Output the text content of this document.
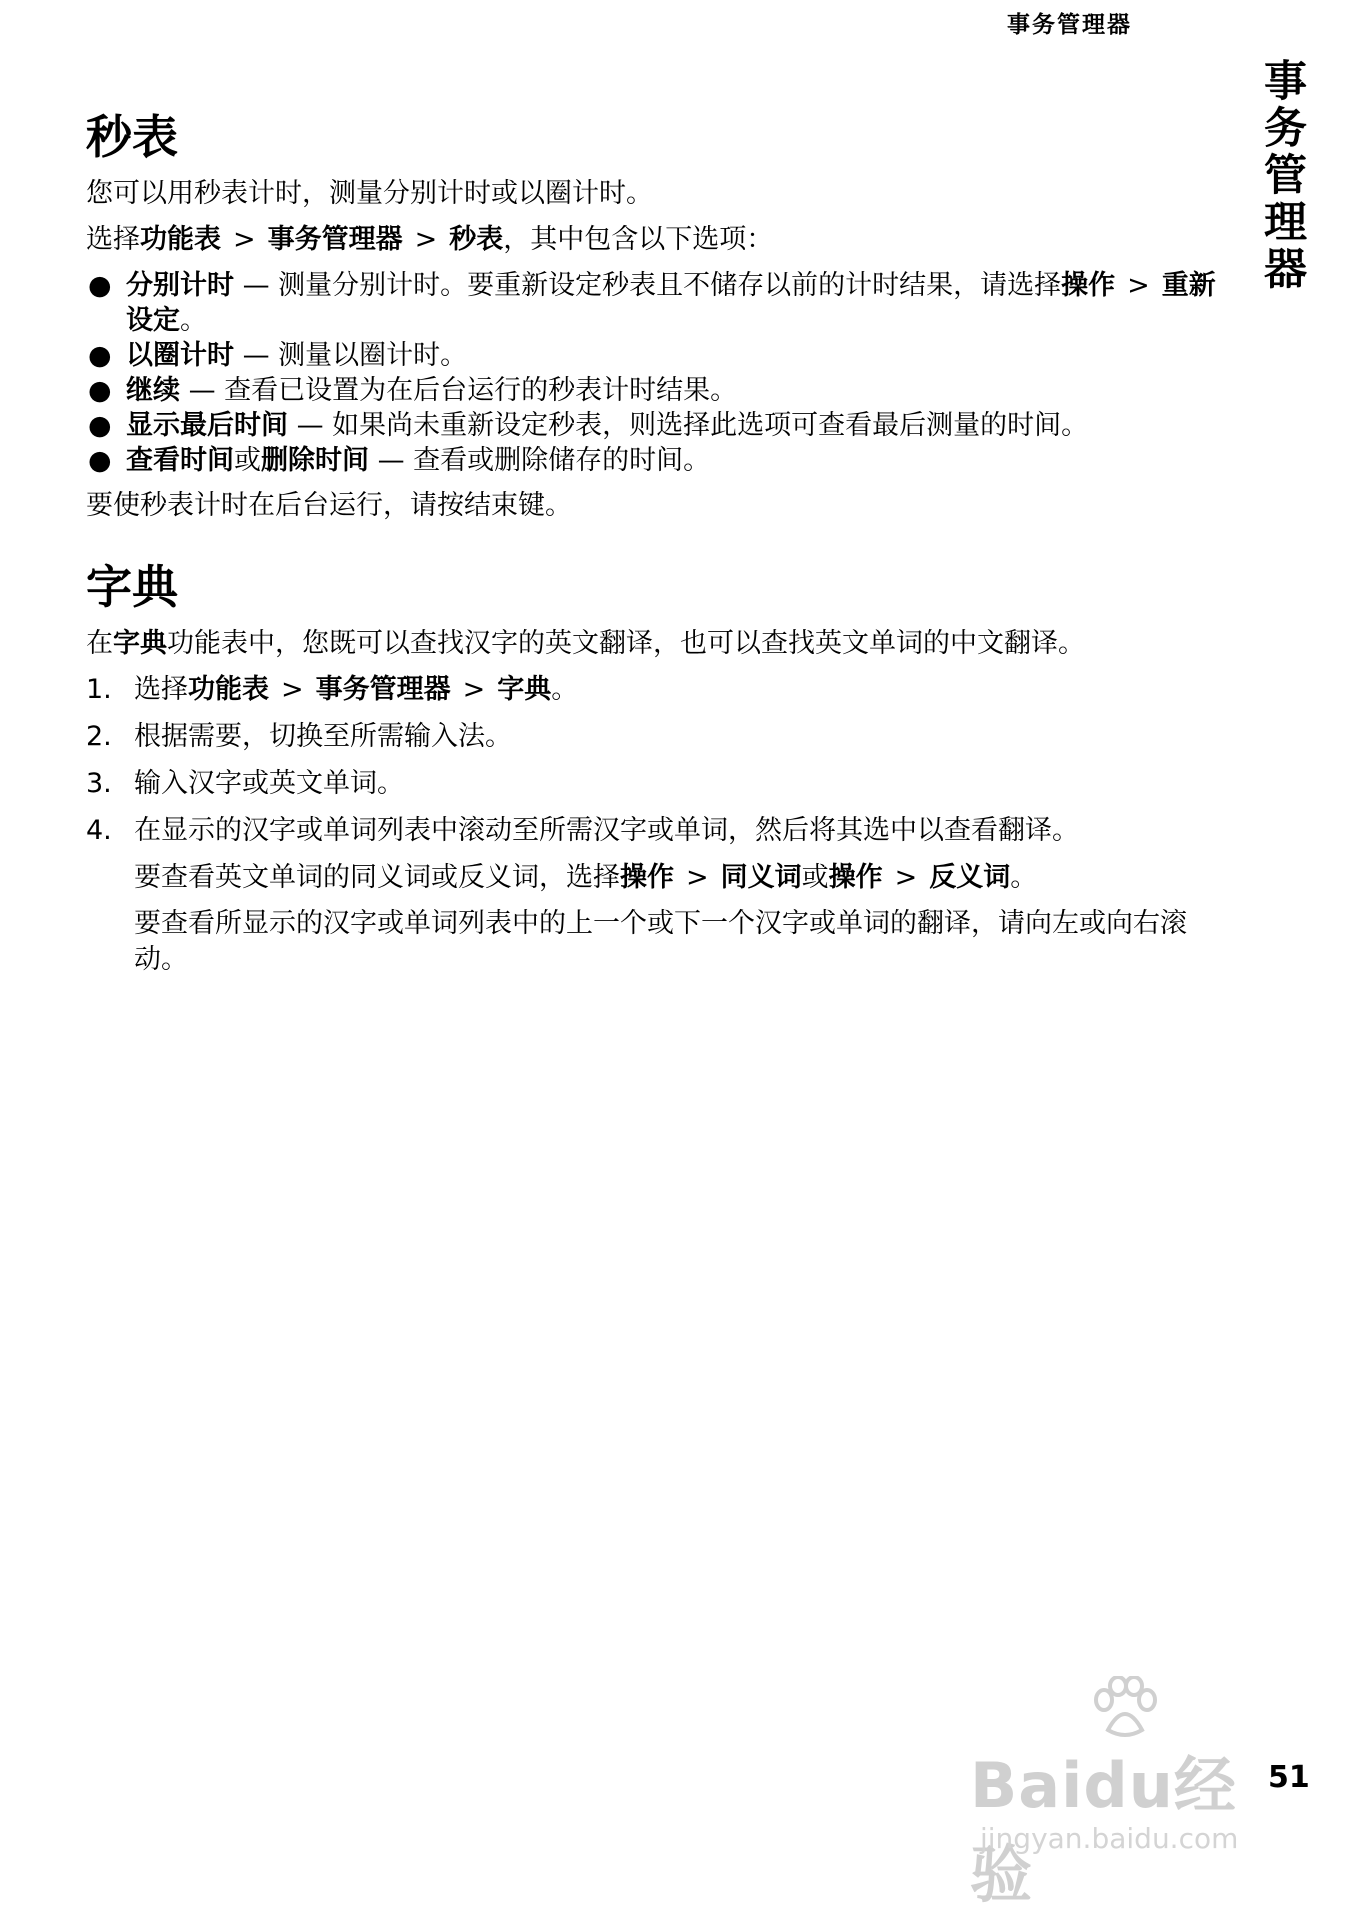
事务管理器
事务管理器
秒表

您可以用秒表计时，测量分别计时或以圈计时。

选择功能表 > 事务管理器 > 秒表，其中包含以下选项：

● 分别计时 — 测量分别计时。要重新设定秒表且不储存以前的计时结果，请选择操作 > 重新设定。
● 以圈计时 — 测量以圈计时。
● 继续 — 查看已设置为在后台运行的秒表计时结果。
● 显示最后时间 — 如果尚未重新设定秒表，则选择此选项可查看最后测量的时间。
● 查看时间或删除时间 — 查看或删除储存的时间。

要使秒表计时在后台运行，请按结束键。

字典

在字典功能表中，您既可以查找汉字的英文翻译，也可以查找英文单词的中文翻译。

1. 选择功能表 > 事务管理器 > 字典。
2. 根据需要，切换至所需输入法。
3. 输入汉字或英文单词。
4. 在显示的汉字或单词列表中滚动至所需汉字或单词，然后将其选中以查看翻译。

要查看英文单词的同义词或反义词，选择操作 > 同义词或操作 > 反义词。

要查看所显示的汉字或单词列表中的上一个或下一个汉字或单词的翻译，请向左或向右滚动。

Baidu经验
jingyan.baidu.com
51
